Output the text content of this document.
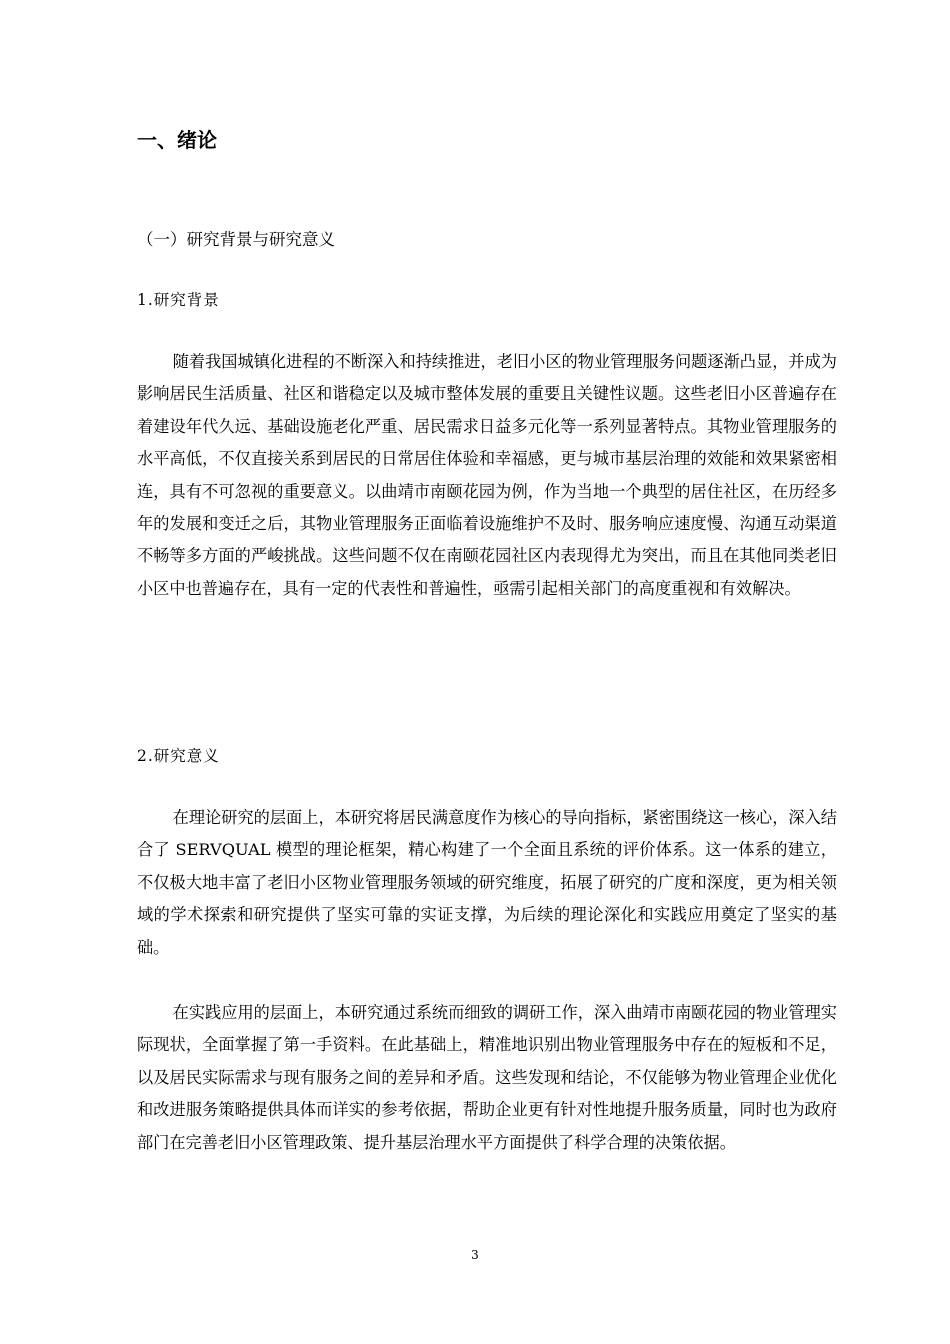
一、绪论
（一）研究背景与研究意义
1.研究背景
随着我国城镇化进程的不断深入和持续推进，老旧小区的物业管理服务问题逐渐凸显，并成为影响居民生活质量、社区和谐稳定以及城市整体发展的重要且关键性议题。这些老旧小区普遍存在着建设年代久远、基础设施老化严重、居民需求日益多元化等一系列显著特点。其物业管理服务的水平高低，不仅直接关系到居民的日常居住体验和幸福感，更与城市基层治理的效能和效果紧密相连，具有不可忽视的重要意义。以曲靖市南颐花园为例，作为当地一个典型的居住社区，在历经多年的发展和变迁之后，其物业管理服务正面临着设施维护不及时、服务响应速度慢、沟通互动渠道不畅等多方面的严峻挑战。这些问题不仅在南颐花园社区内表现得尤为突出，而且在其他同类老旧小区中也普遍存在，具有一定的代表性和普遍性，亟需引起相关部门的高度重视和有效解决。
2.研究意义
在理论研究的层面上，本研究将居民满意度作为核心的导向指标，紧密围绕这一核心，深入结合了 SERVQUAL 模型的理论框架，精心构建了一个全面且系统的评价体系。这一体系的建立，不仅极大地丰富了老旧小区物业管理服务领域的研究维度，拓展了研究的广度和深度，更为相关领域的学术探索和研究提供了坚实可靠的实证支撑，为后续的理论深化和实践应用奠定了坚实的基础。
在实践应用的层面上，本研究通过系统而细致的调研工作，深入曲靖市南颐花园的物业管理实际现状，全面掌握了第一手资料。在此基础上，精准地识别出物业管理服务中存在的短板和不足，以及居民实际需求与现有服务之间的差异和矛盾。这些发现和结论，不仅能够为物业管理企业优化和改进服务策略提供具体而详实的参考依据，帮助企业更有针对性地提升服务质量，同时也为政府部门在完善老旧小区管理政策、提升基层治理水平方面提供了科学合理的决策依据。
3
